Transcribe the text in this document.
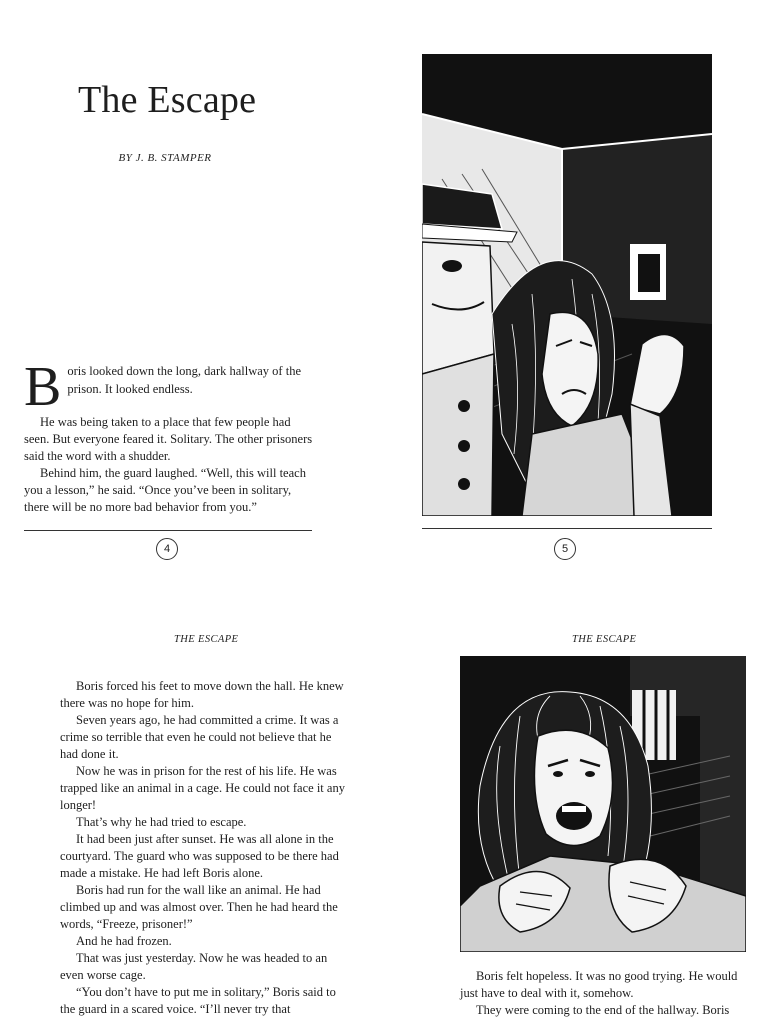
The Escape
BY J. B. STAMPER
B oris looked down the long, dark hallway of the prison. It looked endless.

He was being taken to a place that few people had seen. But everyone feared it. Solitary. The other prisoners said the word with a shudder.

Behind him, the guard laughed. “Well, this will teach you a lesson,” he said. “Once you’ve been in solitary, there will be no more bad behavior from you.”

4	5
THE ESCAPE

Boris forced his feet to move down the hall. He knew there was no hope for him.

Seven years ago, he had committed a crime. It was a crime so terrible that even he could not believe that he had done it.

Now he was in prison for the rest of his life. He was trapped like an animal in a cage. He could not face it any longer!

That’s why he had tried to escape.

It had been just after sunset. He was all alone in the courtyard. The guard who was supposed to be there had made a mistake. He had left Boris alone.

Boris had run for the wall like an animal. He had climbed up and was almost over. Then he had heard the words, “Freeze, prisoner!”

And he had frozen.

That was just yesterday. Now he was headed to an even worse cage.

“You don’t have to put me in solitary,” Boris said to the guard in a scared voice. “I’ll never try that

THE ESCAPE

Boris felt hopeless. It was no good trying. He would just have to deal with it, somehow.

They were coming to the end of the hallway. Boris
